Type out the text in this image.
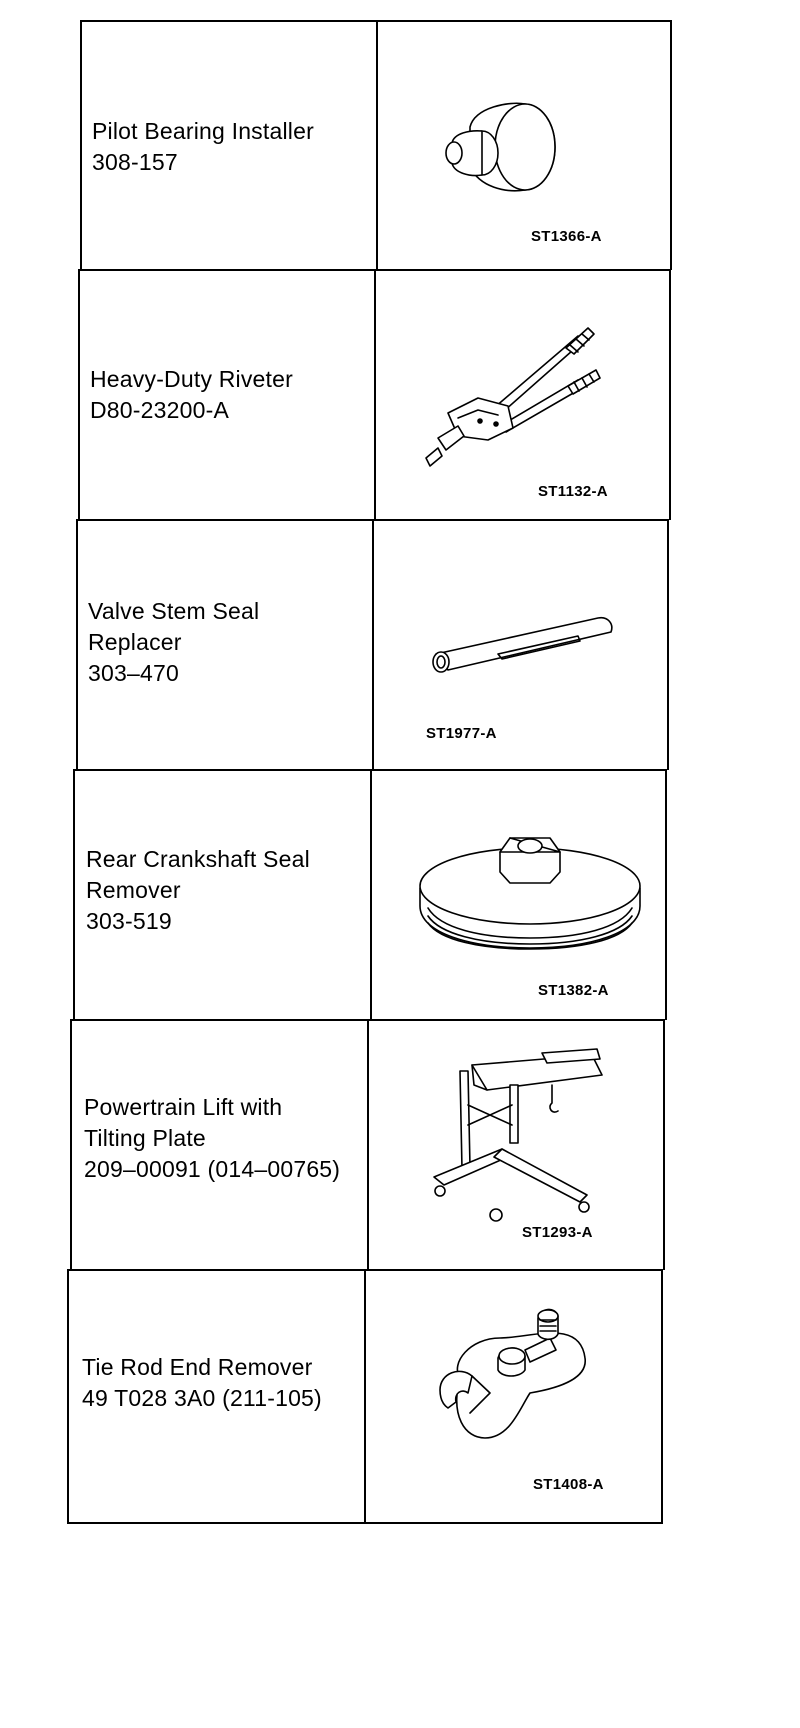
Pilot Bearing Installer
308-157
ST1366-A
Heavy-Duty Riveter
D80-23200-A
ST1132-A
Valve Stem Seal
Replacer
303–470
ST1977-A
Rear Crankshaft Seal
Remover
303-519
ST1382-A
Powertrain Lift with
Tilting Plate
209–00091 (014–00765)
ST1293-A
Tie Rod End Remover
49 T028 3A0 (211-105)
ST1408-A
